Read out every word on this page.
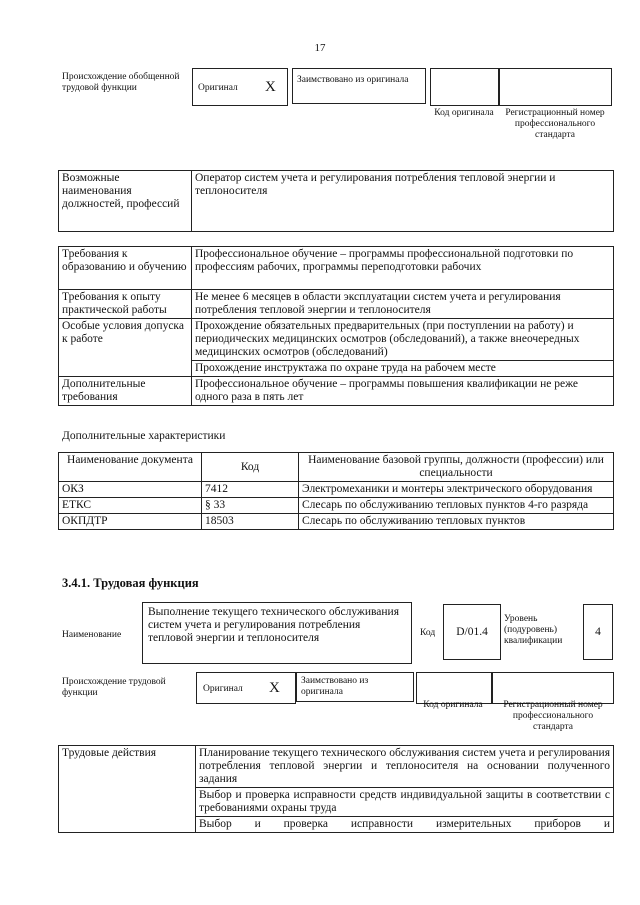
17
Происхождение обобщенной трудовой функции	Оригинал X	Заимствовано из оригинала
Код оригинала	Регистрационный номер профессионального стандарта
Возможные наименования должностей, профессий	Оператор систем учета и регулирования потребления тепловой энергии и теплоносителя
Требования к образованию и обучению	Профессиональное обучение – программы профессиональной подготовки по профессиям рабочих, программы переподготовки рабочих
Требования к опыту практической работы	Не менее 6 месяцев в области эксплуатации систем учета и регулирования потребления тепловой энергии и теплоносителя
Особые условия допуска к работе	Прохождение обязательных предварительных (при поступлении на работу) и периодических медицинских осмотров (обследований), а также внеочередных медицинских осмотров (обследований)
	Прохождение инструктажа по охране труда на рабочем месте
Дополнительные требования	Профессиональное обучение – программы повышения квалификации не реже одного раза в пять лет
Дополнительные характеристики
Наименование документа	Код	Наименование базовой группы, должности (профессии) или специальности
ОКЗ	7412	Электромеханики и монтеры электрического оборудования
ЕТКС	§ 33	Слесарь по обслуживанию тепловых пунктов 4-го разряда
ОКПДТР	18503	Слесарь по обслуживанию тепловых пунктов
3.4.1. Трудовая функция
Наименование
Выполнение текущего технического обслуживания систем учета и регулирования потребления тепловой энергии и теплоносителя	Код	D/01.4
Уровень (подуровень) квалификации
4
Происхождение трудовой функции	Оригинал X	Заимствовано из оригинала
Код оригинала	Регистрационный номер профессионального стандарта
Трудовые действия	Планирование текущего технического обслуживания систем учета и регулирования потребления тепловой энергии и теплоносителя на основании полученного задания
Выбор и проверка исправности средств индивидуальной защиты в соответствии с требованиями охраны труда
Выбор и проверка исправности измерительных приборов и
